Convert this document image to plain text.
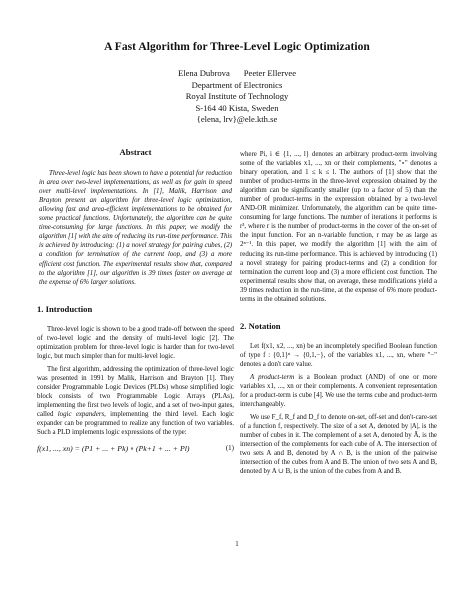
A Fast Algorithm for Three-Level Logic Optimization
Elena Dubrova Peeter Ellervee
Department of Electronics
Royal Institute of Technology
S-164 40 Kista, Sweden
{elena, lrv}@ele.kth.se
Abstract
Three-level logic has been shown to have a potential for reduction in area over two-level implementations, as well as for gain in speed over multi-level implementations. In [1], Malik, Harrison and Brayton present an algorithm for three-level logic optimization, allowing fast and area-efficient implementations to be obtained for some practical functions. Unfortunately, the algorithm can be quite time-consuming for large functions. In this paper, we modify the algorithm [1] with the aim of reducing its run-time performance. This is achieved by introducing: (1) a novel strategy for pairing cubes, (2) a condition for termination of the current loop, and (3) a more efficient cost function. The experimental results show that, compared to the algorithm [1], our algorithm is 39 times faster on average at the expense of 6% larger solutions.
1. Introduction

Three-level logic is shown to be a good trade-off between the speed of two-level logic and the density of multi-level logic [2]. The optimization problem for three-level logic is harder than for two-level logic, but much simpler than for multi-level logic.

The first algorithm, addressing the optimization of three-level logic was presented in 1991 by Malik, Harrison and Brayton [1]. They consider Programmable Logic Devices (PLDs) whose simplified logic block consists of two Programmable Logic Arrays (PLAs), implementing the first two levels of logic, and a set of two-input gates, called logic expanders, implementing the third level. Each logic expander can be programmed to realize any function of two variables. Such a PLD implements logic expressions of the type:

f(x1, ..., xn) = (P1 + ... + Pk) ∘ (Pk+1 + ... + Pl)	(1)

where Pi, i ∈ {1, ..., l} denotes an arbitrary product-term involving some of the variables x1, ..., xn or their complements, "∘" denotes a binary operation, and 1 ≤ k ≤ l. The authors of [1] show that the number of product-terms in the three-level expression obtained by the algorithm can be significantly smaller (up to a factor of 5) than the number of product-terms in the expression obtained by a two-level AND-OR minimizer. Unfortunately, the algorithm can be quite time-consuming for large functions. The number of iterations it performs is r³, where r is the number of product-terms in the cover of the on-set of the input function. For an n-variable function, r may be as large as 2ⁿ⁻¹. In this paper, we modify the algorithm [1] with the aim of reducing its run-time performance. This is achieved by introducing (1) a novel strategy for pairing product-terms and (2) a condition for termination the current loop and (3) a more efficient cost function. The experimental results show that, on average, these modifications yield a 39 times reduction in the run-time, at the expense of 6% more product-terms in the obtained solutions.

2. Notation

Let f(x1, x2, ..., xn) be an incompletely specified Boolean function of type f : {0,1}ⁿ → {0,1,−}, of the variables x1, ..., xn, where "−" denotes a don't care value.

A product-term is a Boolean product (AND) of one or more variables x1, ..., xn or their complements. A convenient representation for a product-term is cube [4]. We use the terms cube and product-term interchangeably.

We use F_f, R_f and D_f to denote on-set, off-set and don't-care-set of a function f, respectively. The size of a set A, denoted by |A|, is the number of cubes in it. The complement of a set A, denoted by Ā, is the intersection of the complements for each cube of A. The intersection of two sets A and B, denoted by A ∩ B, is the union of the pairwise intersection of the cubes from A and B. The union of two sets A and B, denoted by A ∪ B, is the union of the cubes from A and B.

1
